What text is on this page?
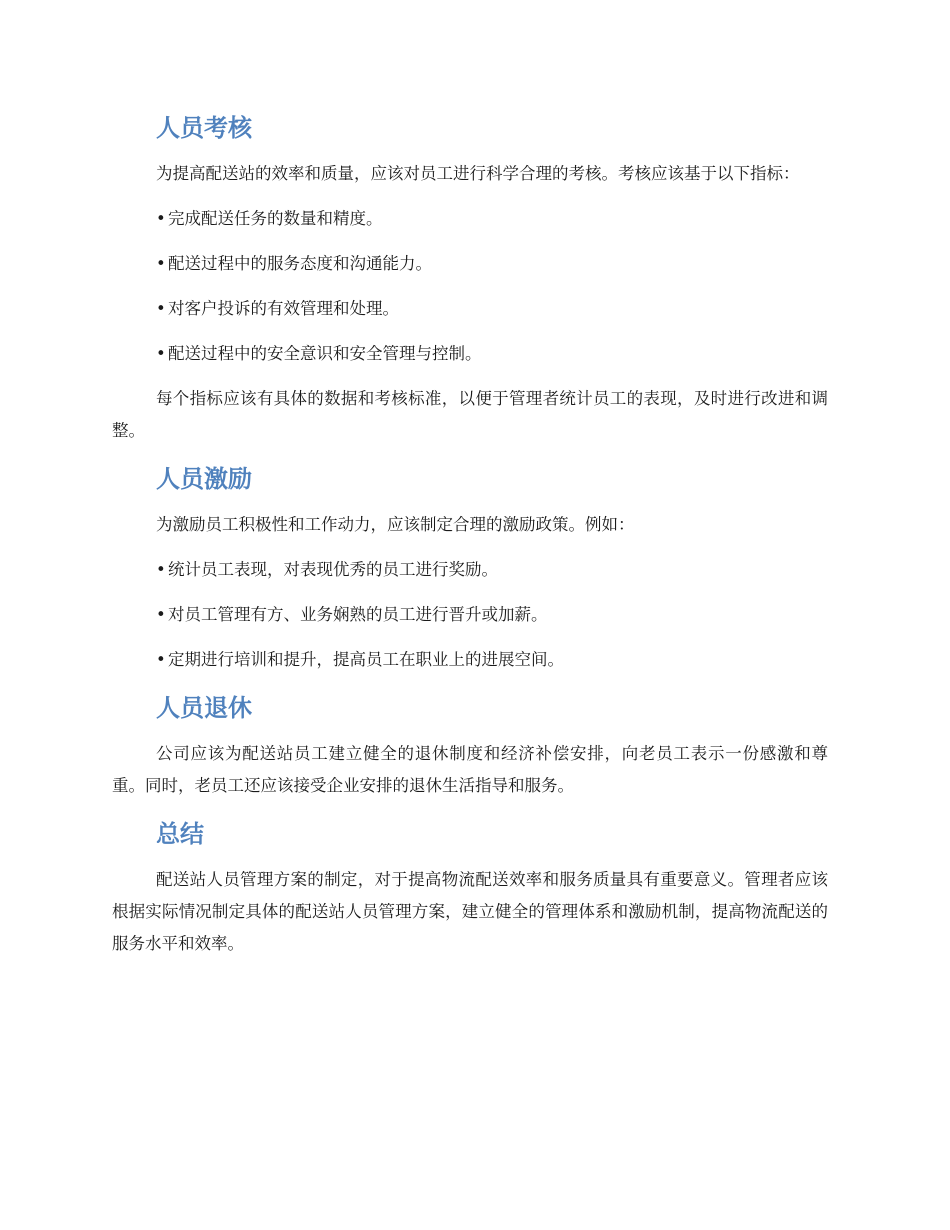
人员考核

为提高配送站的效率和质量，应该对员工进行科学合理的考核。考核应该基于以下指标：

• 完成配送任务的数量和精度。

• 配送过程中的服务态度和沟通能力。

• 对客户投诉的有效管理和处理。

• 配送过程中的安全意识和安全管理与控制。

每个指标应该有具体的数据和考核标准，以便于管理者统计员工的表现，及时进行改进和调整。

人员激励

为激励员工积极性和工作动力，应该制定合理的激励政策。例如：

• 统计员工表现，对表现优秀的员工进行奖励。

• 对员工管理有方、业务娴熟的员工进行晋升或加薪。

• 定期进行培训和提升，提高员工在职业上的进展空间。

人员退休

公司应该为配送站员工建立健全的退休制度和经济补偿安排，向老员工表示一份感激和尊重。同时，老员工还应该接受企业安排的退休生活指导和服务。

总结

配送站人员管理方案的制定，对于提高物流配送效率和服务质量具有重要意义。管理者应该根据实际情况制定具体的配送站人员管理方案，建立健全的管理体系和激励机制，提高物流配送的服务水平和效率。
